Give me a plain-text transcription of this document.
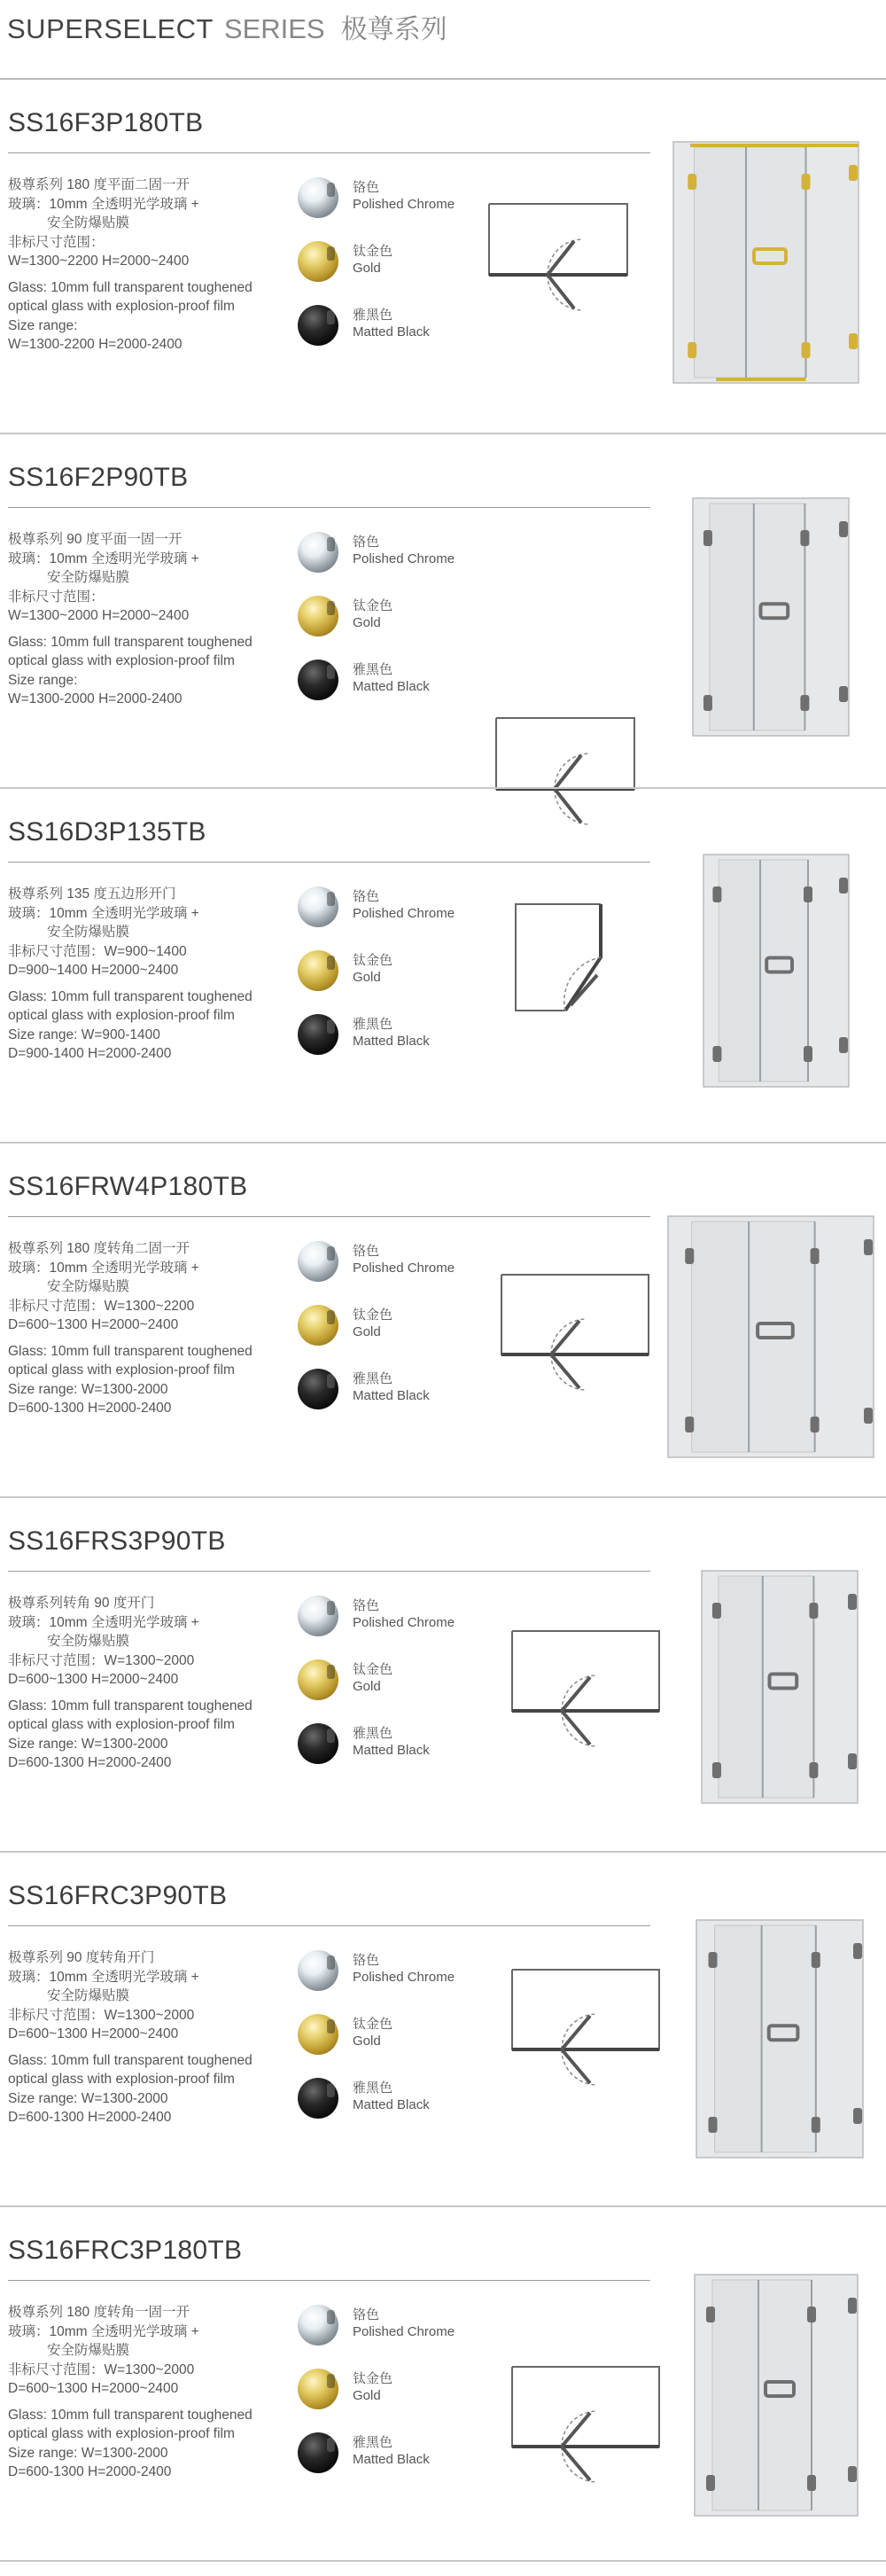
SUPERSELECT SERIES 极尊系列
SS16F3P180TB
极尊系列 180 度平面二固一开
玻璃：10mm 全透明光学玻璃 +
安全防爆贴膜
非标尺寸范围：
W=1300~2200 H=2000~2400
Glass: 10mm full transparent toughened
optical glass with explosion-proof film
Size range:
W=1300-2200 H=2000-2400
铬色
Polished Chrome
钛金色
Gold
雅黑色
Matted Black
SS16F2P90TB
极尊系列 90 度平面一固一开
玻璃：10mm 全透明光学玻璃 +
安全防爆贴膜
非标尺寸范围：
W=1300~2000 H=2000~2400
Glass: 10mm full transparent toughened
optical glass with explosion-proof film
Size range:
W=1300-2000 H=2000-2400
铬色
Polished Chrome
钛金色
Gold
雅黑色
Matted Black
SS16D3P135TB
极尊系列 135 度五边形开门
玻璃：10mm 全透明光学玻璃 +
安全防爆贴膜
非标尺寸范围：W=900~1400
D=900~1400 H=2000~2400
Glass: 10mm full transparent toughened
optical glass with explosion-proof film
Size range: W=900-1400
D=900-1400 H=2000-2400
铬色
Polished Chrome
钛金色
Gold
雅黑色
Matted Black
SS16FRW4P180TB
极尊系列 180 度转角二固一开
玻璃：10mm 全透明光学玻璃 +
安全防爆贴膜
非标尺寸范围：W=1300~2200
D=600~1300 H=2000~2400
Glass: 10mm full transparent toughened
optical glass with explosion-proof film
Size range: W=1300-2000
D=600-1300 H=2000-2400
铬色
Polished Chrome
钛金色
Gold
雅黑色
Matted Black
SS16FRS3P90TB
极尊系列转角 90 度开门
玻璃：10mm 全透明光学玻璃 +
安全防爆贴膜
非标尺寸范围：W=1300~2000
D=600~1300 H=2000~2400
Glass: 10mm full transparent toughened
optical glass with explosion-proof film
Size range: W=1300-2000
D=600-1300 H=2000-2400
铬色
Polished Chrome
钛金色
Gold
雅黑色
Matted Black
SS16FRC3P90TB
极尊系列 90 度转角开门
玻璃：10mm 全透明光学玻璃 +
安全防爆贴膜
非标尺寸范围：W=1300~2000
D=600~1300 H=2000~2400
Glass: 10mm full transparent toughened
optical glass with explosion-proof film
Size range: W=1300-2000
D=600-1300 H=2000-2400
铬色
Polished Chrome
钛金色
Gold
雅黑色
Matted Black
SS16FRC3P180TB
极尊系列 180 度转角一固一开
玻璃：10mm 全透明光学玻璃 +
安全防爆贴膜
非标尺寸范围：W=1300~2000
D=600~1300 H=2000~2400
Glass: 10mm full transparent toughened
optical glass with explosion-proof film
Size range: W=1300-2000
D=600-1300 H=2000-2400
铬色
Polished Chrome
钛金色
Gold
雅黑色
Matted Black
